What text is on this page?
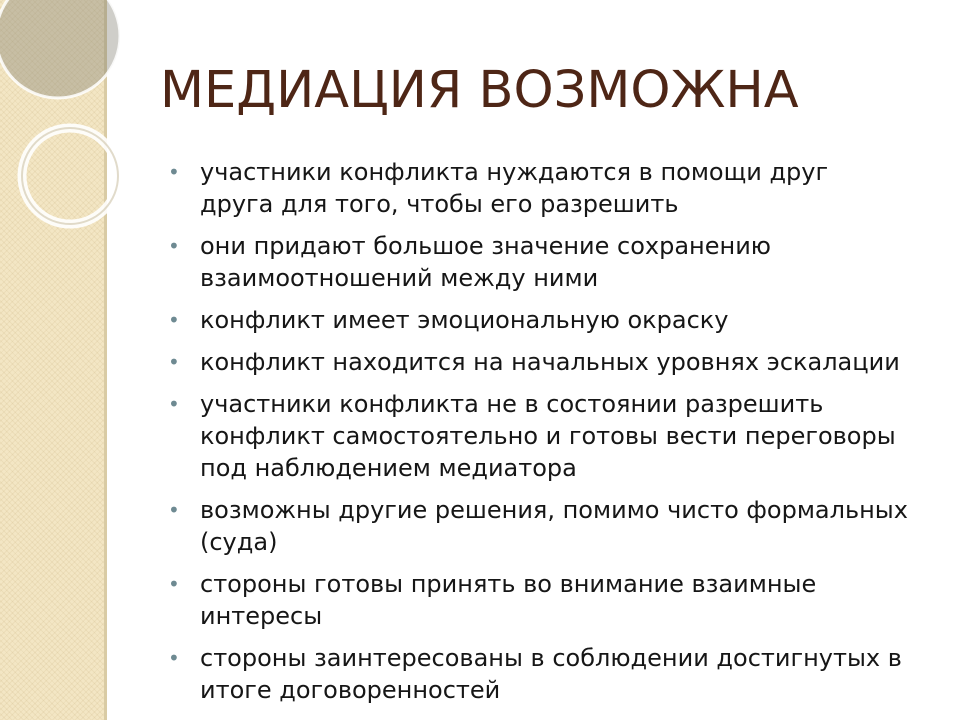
МЕДИАЦИЯ ВОЗМОЖНА
• участники конфликта нуждаются в помощи друг друга для того, чтобы его разрешить
• они придают большое значение сохранению взаимоотношений между ними
• конфликт имеет эмоциональную окраску
• конфликт находится на начальных уровнях эскалации
• участники конфликта не в состоянии разрешить конфликт самостоятельно и готовы вести переговоры под наблюдением медиатора
• возможны другие решения, помимо чисто формальных (суда)
• стороны готовы принять во внимание взаимные интересы
• стороны заинтересованы в соблюдении достигнутых в итоге договоренностей
